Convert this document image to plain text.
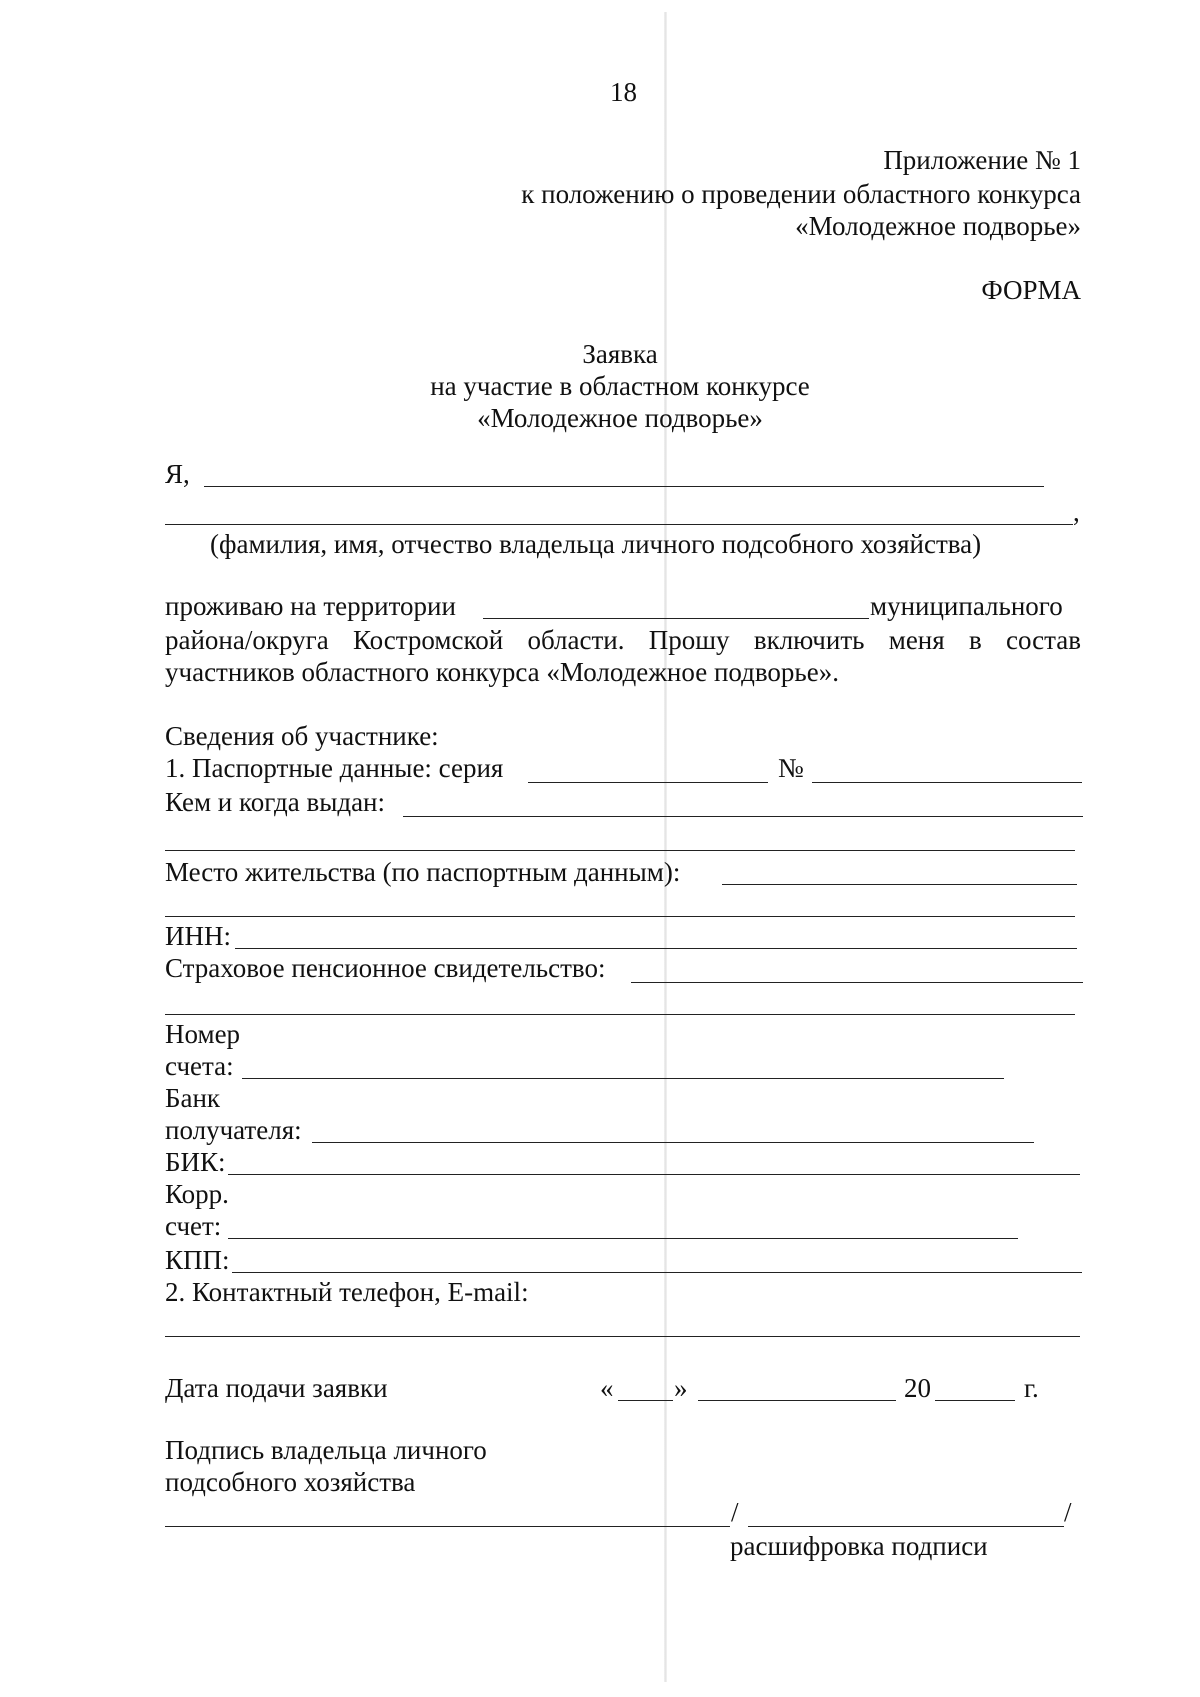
18
Приложение № 1
к положению о проведении областного конкурса
«Молодежное подворье»
ФОРМА
Заявка
на участие в областном конкурсе
«Молодежное подворье»
Я,
,
(фамилия, имя, отчество владельца личного подсобного хозяйства)
проживаю на территории	муниципального
района/округа Костромской области. Прошу включить меня в состав
участников областного конкурса «Молодежное подворье».
Сведения об участнике:
1. Паспортные данные: серия	№
Кем и когда выдан:
Место жительства (по паспортным данным):
ИНН:
Страховое пенсионное свидетельство:
Номер
счета:
Банк
получателя:
БИК:
Корр.
счет:
КПП:
2. Контактный телефон, E-mail:
Дата подачи заявки	« »	20	г.
Подпись владельца личного
подсобного хозяйства
/	/
расшифровка подписи
